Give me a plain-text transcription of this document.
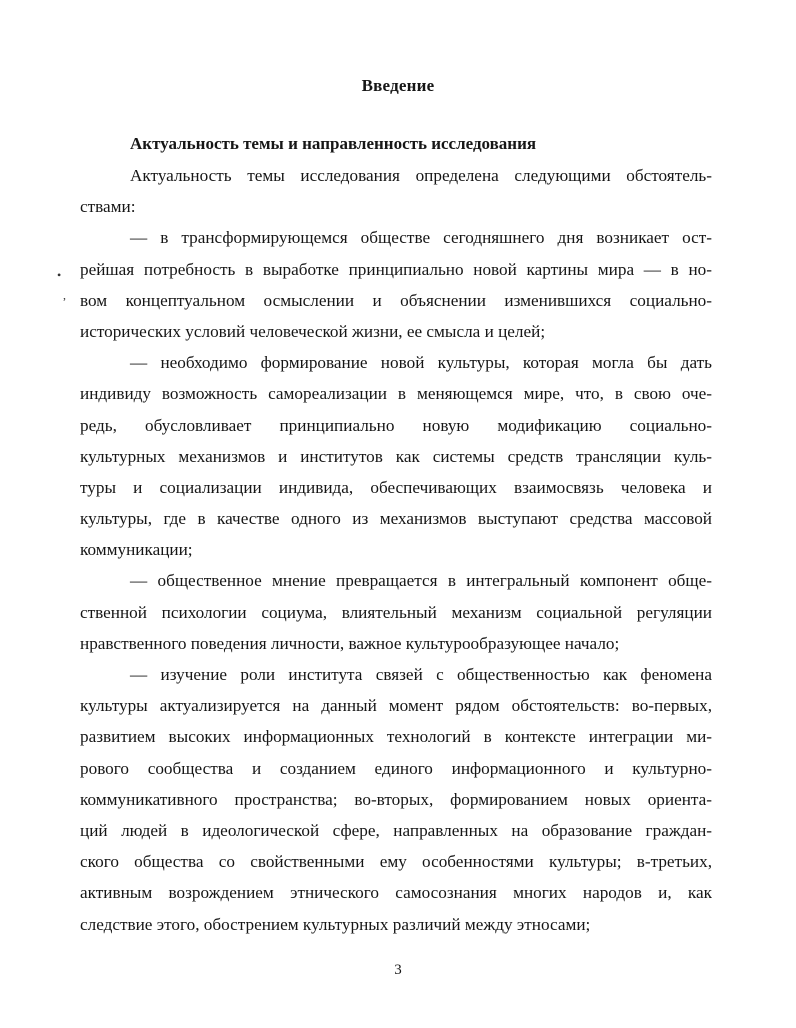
Введение
Актуальность темы и направленность исследования
Актуальность темы исследования определена следующими обстоятель-
ствами:
— в трансформирующемся обществе сегодняшнего дня возникает ост-
рейшая потребность в выработке принципиально новой картины мира — в но-
вом концептуальном осмыслении и объяснении изменившихся социально-
исторических условий человеческой жизни, ее смысла и целей;
— необходимо формирование новой культуры, которая могла бы дать
индивиду возможность самореализации в меняющемся мире, что, в свою оче-
редь, обусловливает принципиально новую модификацию социально-
культурных механизмов и институтов как системы средств трансляции куль-
туры и социализации индивида, обеспечивающих взаимосвязь человека и
культуры, где в качестве одного из механизмов выступают средства массовой
коммуникации;
— общественное мнение превращается в интегральный компонент обще-
ственной психологии социума, влиятельный механизм социальной регуляции
нравственного поведения личности, важное культурообразующее начало;
— изучение роли института связей с общественностью как феномена
культуры актуализируется на данный момент рядом обстоятельств: во-первых,
развитием высоких информационных технологий в контексте интеграции ми-
рового сообщества и созданием единого информационного и культурно-
коммуникативного пространства; во-вторых, формированием новых ориента-
ций людей в идеологической сфере, направленных на образование граждан-
ского общества со свойственными ему особенностями культуры; в-третьих,
активным возрождением этнического самосознания многих народов и, как
следствие этого, обострением культурных различий между этносами;
•
,
3
